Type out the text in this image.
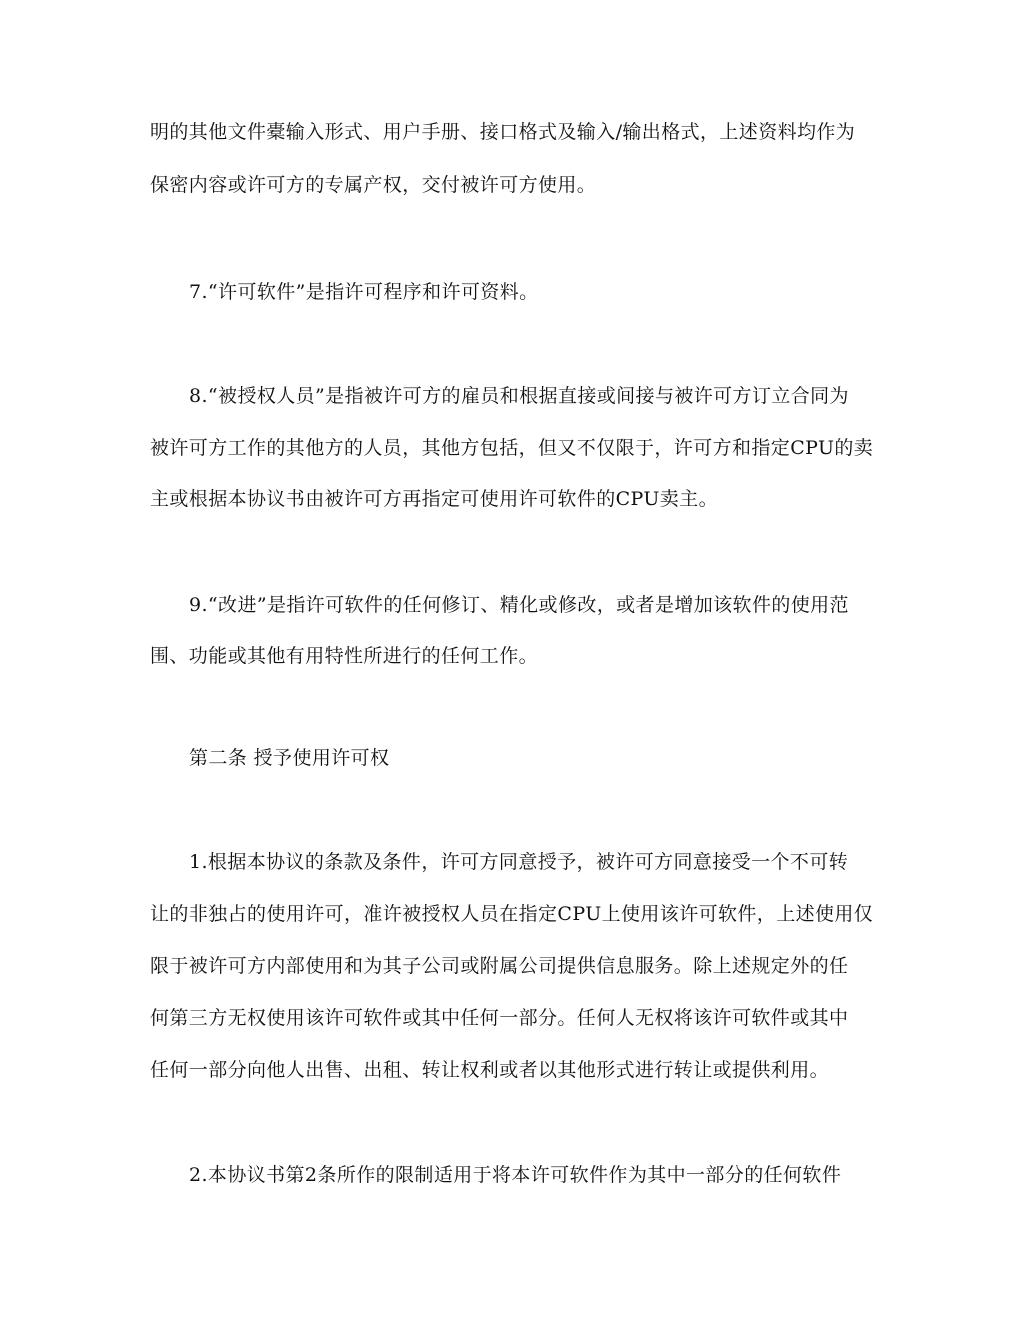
明的其他文件橐输入形式、用户手册、接口格式及输入/输出格式，上述资料均作为
保密内容或许可方的专属产权，交付被许可方使用。
7.“许可软件”是指许可程序和许可资料。
8.“被授权人员”是指被许可方的雇员和根据直接或间接与被许可方订立合同为
被许可方工作的其他方的人员，其他方包括，但又不仅限于，许可方和指定CPU的卖
主或根据本协议书由被许可方再指定可使用许可软件的CPU卖主。
9.“改进”是指许可软件的任何修订、精化或修改，或者是增加该软件的使用范
围、功能或其他有用特性所进行的任何工作。
第二条 授予使用许可权
1.根据本协议的条款及条件，许可方同意授予，被许可方同意接受一个不可转
让的非独占的使用许可，准许被授权人员在指定CPU上使用该许可软件，上述使用仅
限于被许可方内部使用和为其子公司或附属公司提供信息服务。除上述规定外的任
何第三方无权使用该许可软件或其中任何一部分。任何人无权将该许可软件或其中
任何一部分向他人出售、出租、转让权利或者以其他形式进行转让或提供利用。
2.本协议书第2条所作的限制适用于将本许可软件作为其中一部分的任何软件
